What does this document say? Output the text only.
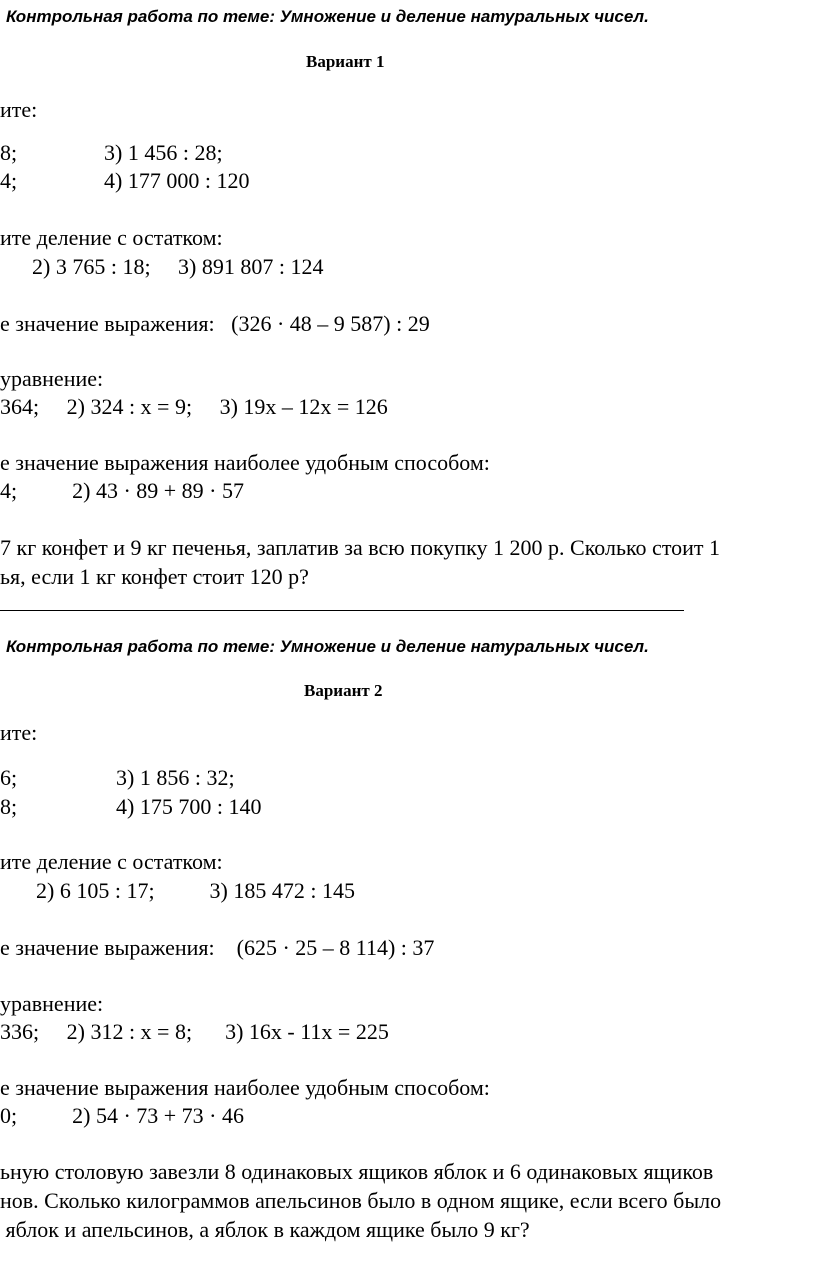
Контрольная работа по теме: Умножение и деление натуральных чисел.
Вариант 1
ите:
8;	3) 1 456 : 28;
4;	4) 177 000 : 120
ите деление с остатком:
2) 3 765 : 18;     3) 891 807 : 124
е значение выражения:   (326 · 48 – 9 587) : 29
уравнение:
364;     2) 324 : x = 9;     3) 19x – 12x = 126
е значение выражения наиболее удобным способом:
4;          2) 43 · 89 + 89 · 57
7 кг конфет и 9 кг печенья, заплатив за всю покупку 1 200 р. Сколько стоит 1
ья, если 1 кг конфет стоит 120 р?
Контрольная работа по теме: Умножение и деление натуральных чисел.
Вариант 2
ите:
6;	3) 1 856 : 32;
8;	4) 175 700 : 140
ите деление с остатком:
2) 6 105 : 17;          3) 185 472 : 145
е значение выражения:    (625 · 25 – 8 114) : 37
уравнение:
336;     2) 312 : x = 8;      3) 16x - 11x = 225
е значение выражения наиболее удобным способом:
0;          2) 54 · 73 + 73 · 46
ьную столовую завезли 8 одинаковых ящиков яблок и 6 одинаковых ящиков
нов. Сколько килограммов апельсинов было в одном ящике, если всего было
яблок и апельсинов, а яблок в каждом ящике было 9 кг?
